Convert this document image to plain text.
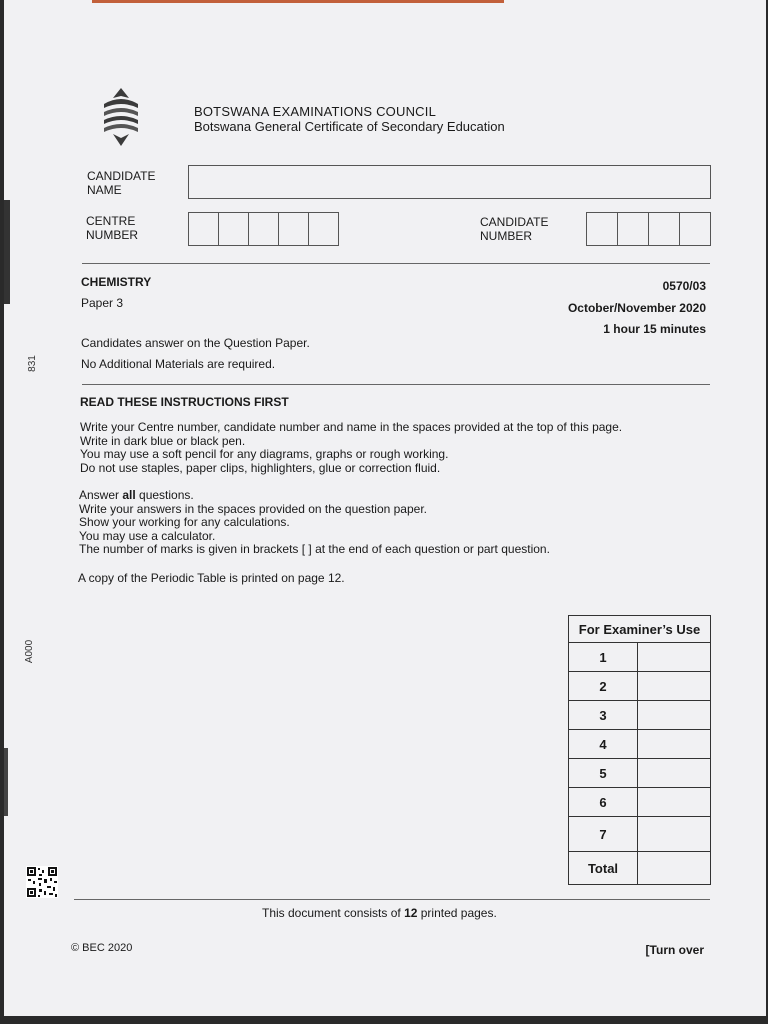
831
A000
BOTSWANA EXAMINATIONS COUNCIL
Botswana General Certificate of Secondary Education
CANDIDATE
NAME
CENTRE
NUMBER
CANDIDATE
NUMBER
CHEMISTRY
Paper 3
0570/03
October/November 2020
1 hour 15 minutes
Candidates answer on the Question Paper.
No Additional Materials are required.
READ THESE INSTRUCTIONS FIRST
Write your Centre number, candidate number and name in the spaces provided at the top of this page.
Write in dark blue or black pen.
You may use a soft pencil for any diagrams, graphs or rough working.
Do not use staples, paper clips, highlighters, glue or correction fluid.
Answer all questions.
Write your answers in the spaces provided on the question paper.
Show your working for any calculations.
You may use a calculator.
The number of marks is given in brackets [ ] at the end of each question or part question.
A copy of the Periodic Table is printed on page 12.
For Examiner’s Use	
1	
2	
3	
4	
5	
6	
7	
Total	
This document consists of 12 printed pages.
© BEC 2020	[Turn over
